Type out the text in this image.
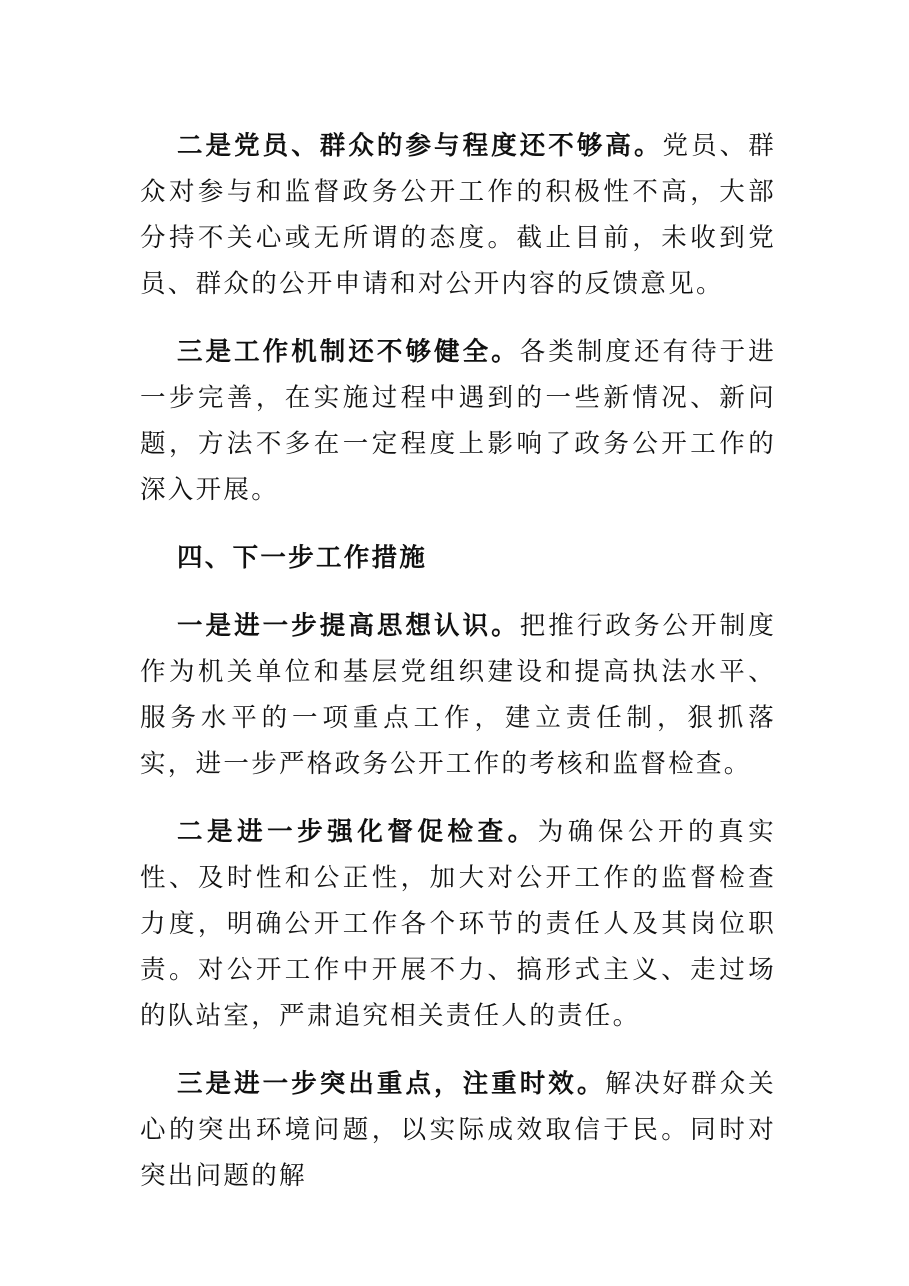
二是党员、群众的参与程度还不够高。党员、群众对参与和监督政务公开工作的积极性不高，大部分持不关心或无所谓的态度。截止目前，未收到党员、群众的公开申请和对公开内容的反馈意见。

三是工作机制还不够健全。各类制度还有待于进一步完善，在实施过程中遇到的一些新情况、新问题，方法不多在一定程度上影响了政务公开工作的深入开展。

四、下一步工作措施

一是进一步提高思想认识。把推行政务公开制度作为机关单位和基层党组织建设和提高执法水平、服务水平的一项重点工作，建立责任制，狠抓落实，进一步严格政务公开工作的考核和监督检查。

二是进一步强化督促检查。为确保公开的真实性、及时性和公正性，加大对公开工作的监督检查力度，明确公开工作各个环节的责任人及其岗位职责。对公开工作中开展不力、搞形式主义、走过场的队站室，严肃追究相关责任人的责任。

三是进一步突出重点，注重时效。解决好群众关心的突出环境问题，以实际成效取信于民。同时对突出问题的解
